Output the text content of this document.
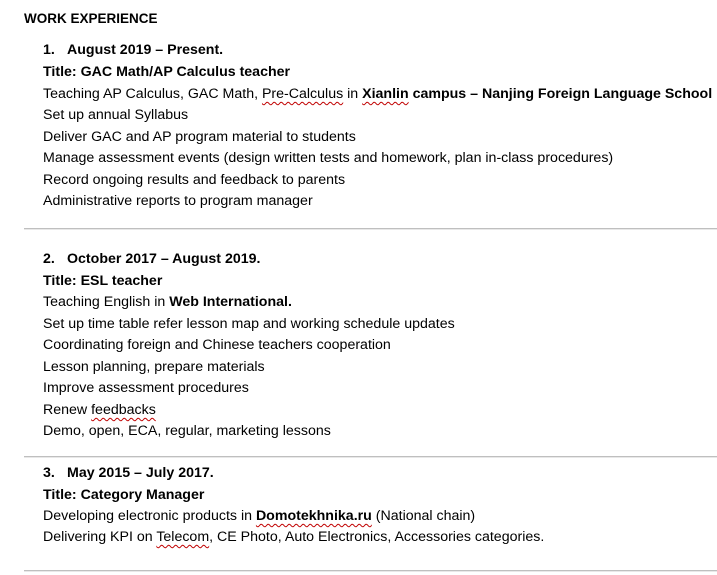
WORK EXPERIENCE
1. August 2019 – Present.
Title: GAC Math/AP Calculus teacher
Teaching AP Calculus, GAC Math, Pre-Calculus in Xianlin campus – Nanjing Foreign Language School
Set up annual Syllabus
Deliver GAC and AP program material to students
Manage assessment events (design written tests and homework, plan in-class procedures)
Record ongoing results and feedback to parents
Administrative reports to program manager
2. October 2017 – August 2019.
Title: ESL teacher
Teaching English in Web International.
Set up time table refer lesson map and working schedule updates
Coordinating foreign and Chinese teachers cooperation
Lesson planning, prepare materials
Improve assessment procedures
Renew feedbacks
Demo, open, ECA, regular, marketing lessons
3. May 2015 – July 2017.
Title: Category Manager
Developing electronic products in Domotekhnika.ru (National chain)
Delivering KPI on Telecom, CE Photo, Auto Electronics, Accessories categories.
